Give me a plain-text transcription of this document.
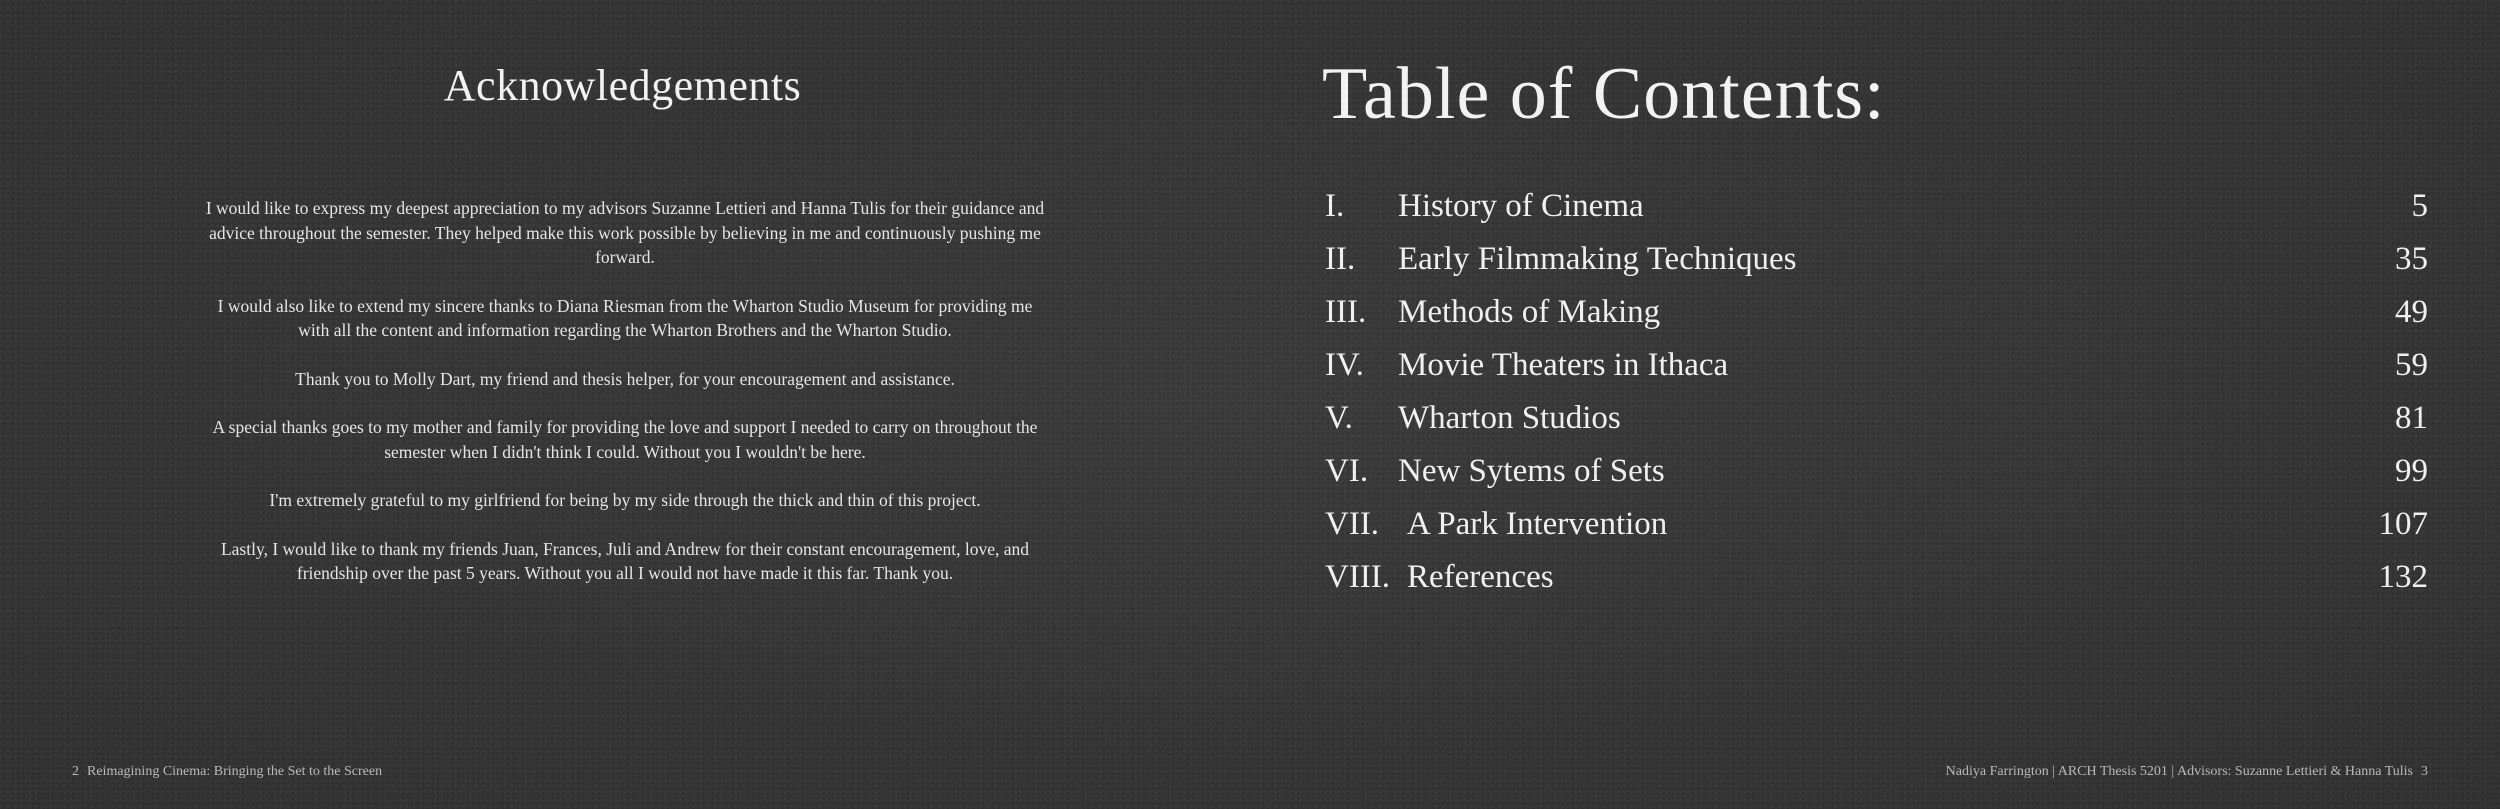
Acknowledgements

I would like to express my deepest appreciation to my advisors Suzanne Lettieri and Hanna Tulis for their guidance and advice throughout the semester. They helped make this work possible by believing in me and continuously pushing me forward.

I would also like to extend my sincere thanks to Diana Riesman from the Wharton Studio Museum for providing me with all the content and information regarding the Wharton Brothers and the Wharton Studio.

Thank you to Molly Dart, my friend and thesis helper, for your encouragement and assistance.

A special thanks goes to my mother and family for providing the love and support I needed to carry on throughout the semester when I didn't think I could. Without you I wouldn't be here.

I'm extremely grateful to my girlfriend for being by my side through the thick and thin of this project.

Lastly, I would like to thank my friends Juan, Frances, Juli and Andrew for their constant encouragement, love, and friendship over the past 5 years. Without you all I would not have made it this far. Thank you.

2 Reimagining Cinema: Bringing the Set to the Screen
Table of Contents:
I. History of Cinema	5
II. Early Filmmaking Techniques	35
III. Methods of Making	49
IV. Movie Theaters in Ithaca	59
V. Wharton Studios	81
VI. New Sytems of Sets	99
VII. A Park Intervention	107
VIII. References	132
Nadiya Farrington | ARCH Thesis 5201 | Advisors: Suzanne Lettieri & Hanna Tulis 3
